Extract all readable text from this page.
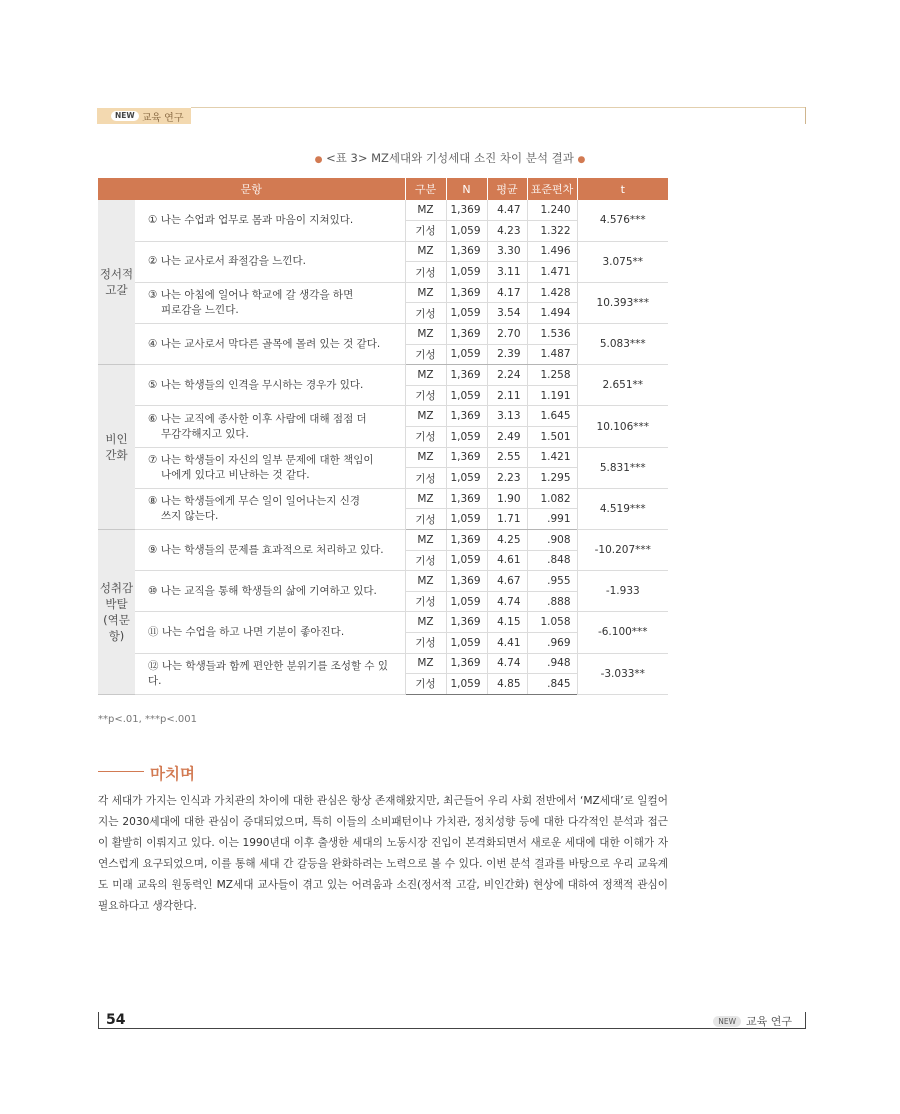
NEW 교육 연구
● <표 3> MZ세대와 기성세대 소진 차이 분석 결과 ●
문항		구분	N	평균	표준편차	t

정서적
고갈	① 나는 수업과 업무로 몸과 마음이 지쳐있다.	MZ	1,369	4.47	1.240	4.576***
		기성	1,059	4.23	1.322	

	② 나는 교사로서 좌절감을 느낀다.	MZ	1,369	3.30	1.496	3.075**
		기성	1,059	3.11	1.471	

	③ 나는 아침에 일어나 학교에 갈 생각을 하면
피로감을 느낀다.	MZ	1,369	4.17	1.428	10.393***
		기성	1,059	3.54	1.494	

	④ 나는 교사로서 막다른 골목에 몰려 있는 것 같다.	MZ	1,369	2.70	1.536	5.083***
		기성	1,059	2.39	1.487	

비인
간화	⑤ 나는 학생들의 인격을 무시하는 경우가 있다.	MZ	1,369	2.24	1.258	2.651**
		기성	1,059	2.11	1.191	

	⑥ 나는 교직에 종사한 이후 사람에 대해 점점 더
무감각해지고 있다.	MZ	1,369	3.13	1.645	10.106***
		기성	1,059	2.49	1.501	

	⑦ 나는 학생들이 자신의 일부 문제에 대한 책임이
나에게 있다고 비난하는 것 같다.	MZ	1,369	2.55	1.421	5.831***
		기성	1,059	2.23	1.295	

	⑧ 나는 학생들에게 무슨 일이 일어나는지 신경
쓰지 않는다.	MZ	1,369	1.90	1.082	4.519***
		기성	1,059	1.71	.991	

성취감
박탈
(역문항)	⑨ 나는 학생들의 문제를 효과적으로 처리하고 있다.	MZ	1,369	4.25	.908	-10.207***
		기성	1,059	4.61	.848	

	⑩ 나는 교직을 통해 학생들의 삶에 기여하고 있다.	MZ	1,369	4.67	.955	-1.933
		기성	1,059	4.74	.888	

	⑪ 나는 수업을 하고 나면 기분이 좋아진다.	MZ	1,369	4.15	1.058	-6.100***
		기성	1,059	4.41	.969	

	⑫ 나는 학생들과 함께 편안한 분위기를 조성할 수 있다.	MZ	1,369	4.74	.948	-3.033**
		기성	1,059	4.85	.845	
**p<.01, ***p<.001
마치며

각 세대가 가지는 인식과 가치관의 차이에 대한 관심은 항상 존재해왔지만, 최근들어 우리 사회 전반에서 ‘MZ세대’로 일컬어지는 2030세대에 대한 관심이 증대되었으며, 특히 이들의 소비패턴이나 가치관, 정치성향 등에 대한 다각적인 분석과 접근이 활발히 이뤄지고 있다. 이는 1990년대 이후 출생한 세대의 노동시장 진입이 본격화되면서 새로운 세대에 대한 이해가 자연스럽게 요구되었으며, 이를 통해 세대 간 갈등을 완화하려는 노력으로 볼 수 있다. 이번 분석 결과를 바탕으로 우리 교육계도 미래 교육의 원동력인 MZ세대 교사들이 겪고 있는 어려움과 소진(정서적 고갈, 비인간화) 현상에 대하여 정책적 관심이 필요하다고 생각한다.

54	NEW 교육 연구
